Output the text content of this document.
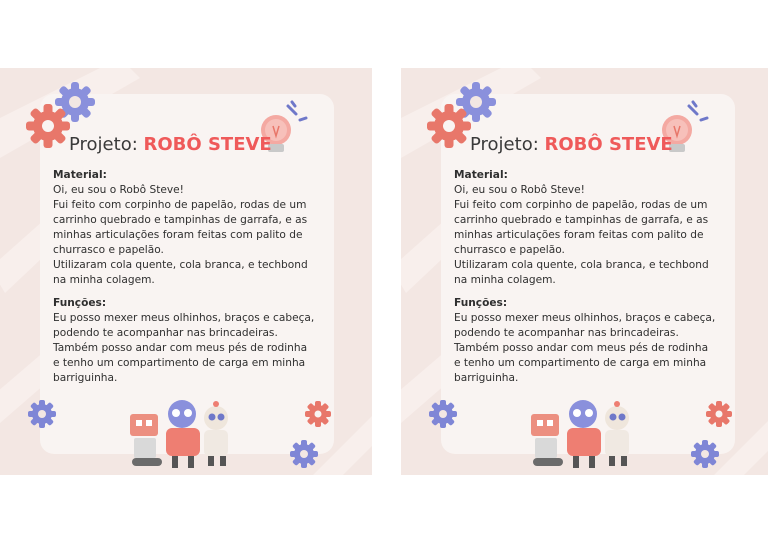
Projeto: ROBÔ STEVE

Material:

Oi, eu sou o Robô Steve!

Fui feito com corpinho de papelão, rodas de um

carrinho quebrado e tampinhas de garrafa, e as

minhas articulações foram feitas com palito de

churrasco e papelão.

Utilizaram cola quente, cola branca, e techbond

na minha colagem.

Funções:

Eu posso mexer meus olhinhos, braços e cabeça,

podendo te acompanhar nas brincadeiras.

Também posso andar com meus pés de rodinha

e tenho um compartimento de carga em minha

barriguinha.

Projeto: ROBÔ STEVE

Material:

Oi, eu sou o Robô Steve!

Fui feito com corpinho de papelão, rodas de um

carrinho quebrado e tampinhas de garrafa, e as

minhas articulações foram feitas com palito de

churrasco e papelão.

Utilizaram cola quente, cola branca, e techbond

na minha colagem.

Funções:

Eu posso mexer meus olhinhos, braços e cabeça,

podendo te acompanhar nas brincadeiras.

Também posso andar com meus pés de rodinha

e tenho um compartimento de carga em minha

barriguinha.
